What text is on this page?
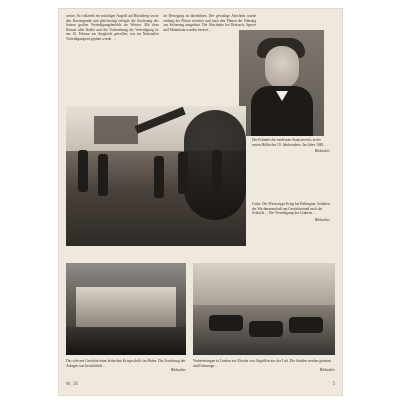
weiter, So vollzieht ein mächtiger Angriff auf Rheinberg sowie den Knotenpunkt und gleichzeitig erfolgte die Auslösung des letzten großen Verteidigungsbefehls im Westen. Mit dem Einsatz aller Kräfte und der Vorbereitung der Verteidigung ist am 10. Februar ein Ausgleich getroffen, wie im Nationalen Verteidigungsrat geplant wurde. ...

an Bewegung zu überführen. Der gewaltige Abschnitt wurde entlang der Flüsse errichtet und nach den Plänen der Führung zur Sicherung ausgebaut. Die Abschnitte bei Breisach, Speyer und Mannheim wurden besetzt...

Der Erfinder des modernen Staatsstreichs in der ersten Hälfte des 19. Jahrhunderts: Im Jahre 1848 ...
Bildarchiv
Links: Der Mississippi-Krieg bei Bebington. Soldaten der Wachmannschaft am Geschützstand nach der Schlacht ... Die Verteidigung des Grabens ...
Bildarchiv
Das schwere Geschütz eines britischen Kriegsschiffs im Hafen. Die Zerstörung der Anlagen war beträchtlich ...
Bildarchiv
Vorbereitungen in London zur Abwehr von Angriffen aus der Luft. Die Straßen werden geräumt und Fahrzeuge ...
Bildarchiv
Nr. 16	5
